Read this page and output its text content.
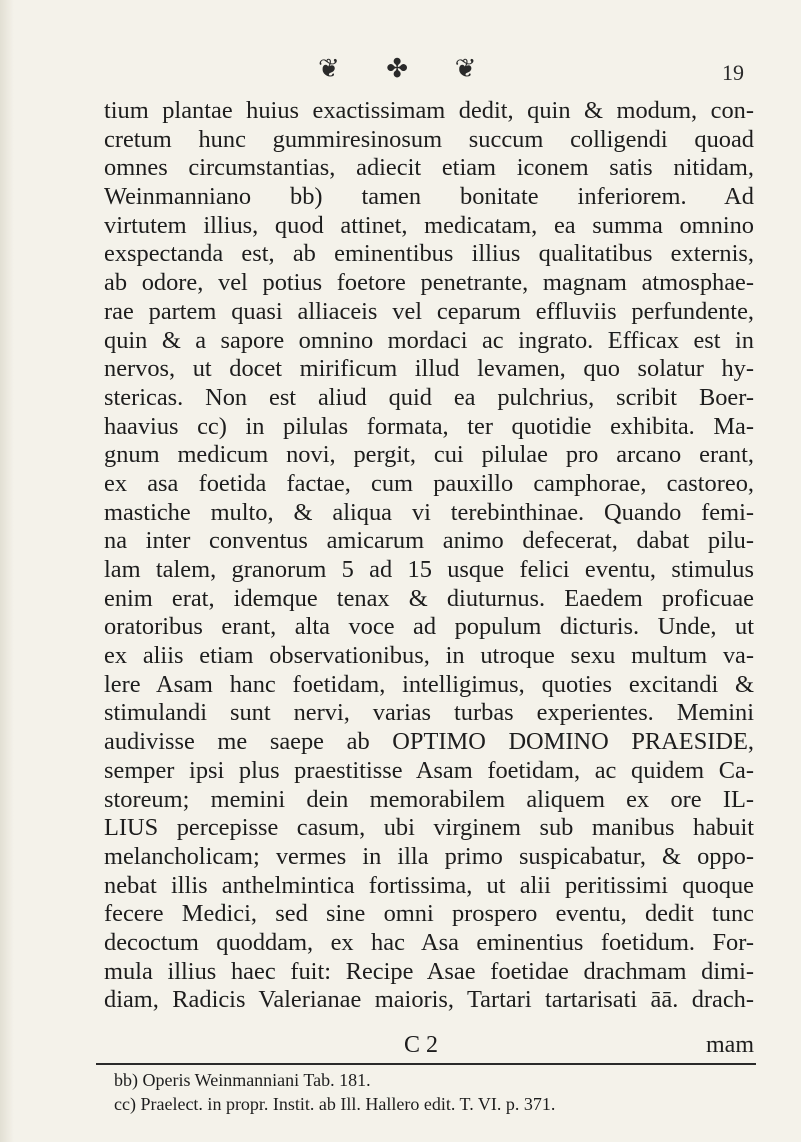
❦ ✤ ❦	19
tium plantae huius exactissimam dedit, quin & modum, con-
cretum hunc gummiresinosum succum colligendi quoad
omnes circumstantias, adiecit etiam iconem satis nitidam,
Weinmanniano bb) tamen bonitate inferiorem. Ad
virtutem illius, quod attinet, medicatam, ea summa omnino
exspectanda est, ab eminentibus illius qualitatibus externis,
ab odore, vel potius foetore penetrante, magnam atmosphae-
rae partem quasi alliaceis vel ceparum effluviis perfundente,
quin & a sapore omnino mordaci ac ingrato. Efficax est in
nervos, ut docet mirificum illud levamen, quo solatur hy-
stericas. Non est aliud quid ea pulchrius, scribit Boer-
haavius cc) in pilulas formata, ter quotidie exhibita. Ma-
gnum medicum novi, pergit, cui pilulae pro arcano erant,
ex asa foetida factae, cum pauxillo camphorae, castoreo,
mastiche multo, & aliqua vi terebinthinae. Quando femi-
na inter conventus amicarum animo defecerat, dabat pilu-
lam talem, granorum 5 ad 15 usque felici eventu, stimulus
enim erat, idemque tenax & diuturnus. Eaedem proficuae
oratoribus erant, alta voce ad populum dicturis. Unde, ut
ex aliis etiam observationibus, in utroque sexu multum va-
lere Asam hanc foetidam, intelligimus, quoties excitandi &
stimulandi sunt nervi, varias turbas experientes. Memini
audivisse me saepe ab OPTIMO DOMINO PRAESIDE,
semper ipsi plus praestitisse Asam foetidam, ac quidem Ca-
storeum; memini dein memorabilem aliquem ex ore IL-
LIUS percepisse casum, ubi virginem sub manibus habuit
melancholicam; vermes in illa primo suspicabatur, & oppo-
nebat illis anthelmintica fortissima, ut alii peritissimi quoque
fecere Medici, sed sine omni prospero eventu, dedit tunc
decoctum quoddam, ex hac Asa eminentius foetidum. For-
mula illius haec fuit: Recipe Asae foetidae drachmam dimi-
diam, Radicis Valerianae maioris, Tartari tartarisati āā. drach-
C 2	mam
bb) Operis Weinmanniani Tab. 181.
cc) Praelect. in propr. Instit. ab Ill. Hallero edit. T. VI. p. 371.
